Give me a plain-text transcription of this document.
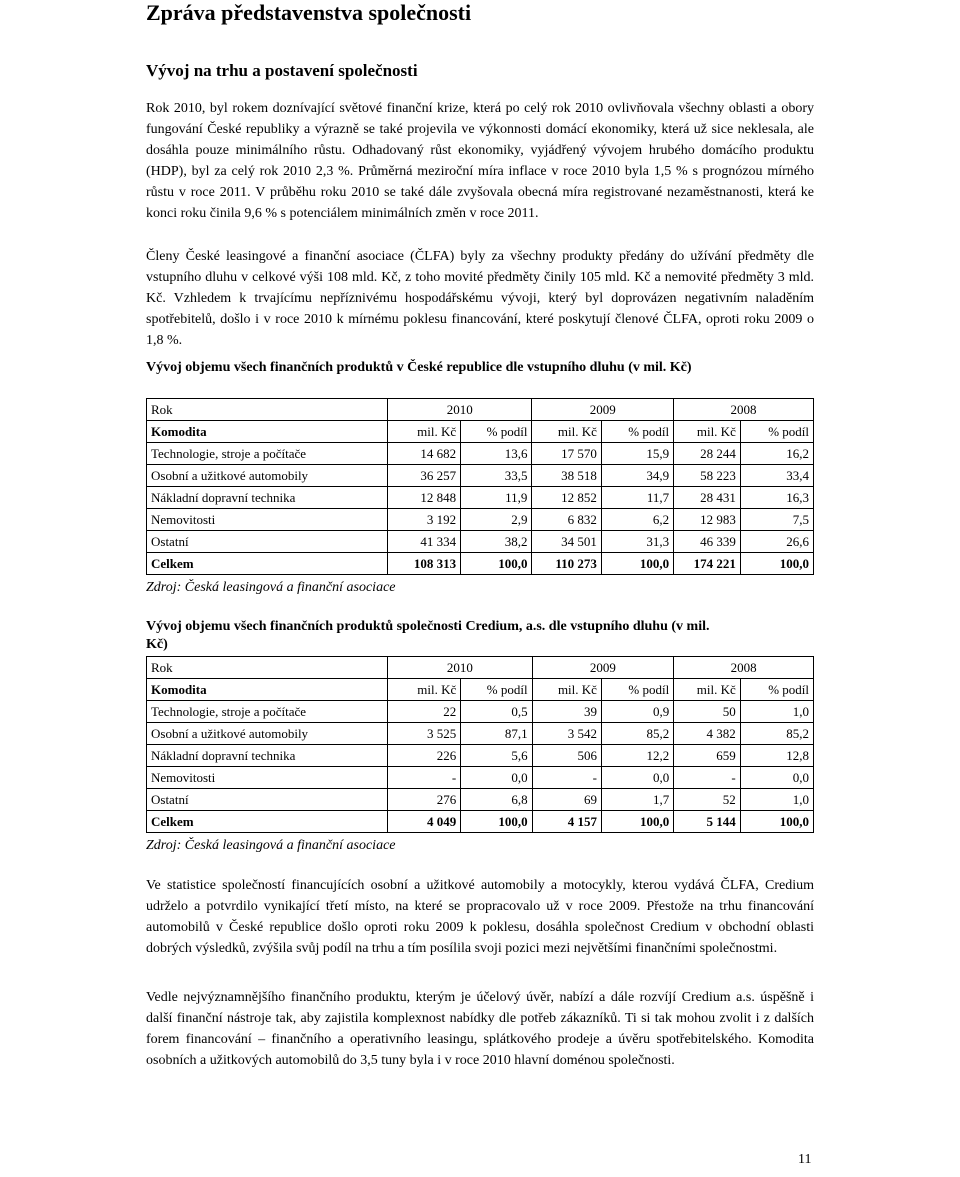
Zpráva představenstva společnosti
Vývoj na trhu a postavení společnosti

Rok 2010, byl rokem doznívající světové finanční krize, která po celý rok 2010 ovlivňovala všechny oblasti a obory fungování České republiky a výrazně se také projevila ve výkonnosti domácí ekonomiky, která už sice neklesala, ale dosáhla pouze minimálního růstu. Odhadovaný růst ekonomiky, vyjádřený vývojem hrubého domácího produktu (HDP), byl za celý rok 2010 2,3 %. Průměrná meziroční míra inflace v roce 2010 byla 1,5 % s prognózou mírného růstu v roce 2011. V průběhu roku 2010 se také dále zvyšovala obecná míra registrované nezaměstnanosti, která ke konci roku činila 9,6 % s potenciálem minimálních změn v roce 2011.

Členy České leasingové a finanční asociace (ČLFA) byly za všechny produkty předány do užívání předměty dle vstupního dluhu v celkové výši 108 mld. Kč, z toho movité předměty činily 105 mld. Kč a nemovité předměty 3 mld. Kč. Vzhledem k trvajícímu nepříznivému hospodářskému vývoji, který byl doprovázen negativním naladěním spotřebitelů, došlo i v roce 2010 k mírnému poklesu financování, které poskytují členové ČLFA, oproti roku 2009 o 1,8 %.

Vývoj objemu všech finančních produktů v České republice dle vstupního dluhu (v mil. Kč)
Rok	2010		2009		2008	
Komodita	mil. Kč	% podíl	mil. Kč	% podíl	mil. Kč	% podíl
Technologie, stroje a počítače	14 682	13,6	17 570	15,9	28 244	16,2
Osobní a užitkové automobily	36 257	33,5	38 518	34,9	58 223	33,4
Nákladní dopravní technika	12 848	11,9	12 852	11,7	28 431	16,3
Nemovitosti	3 192	2,9	6 832	6,2	12 983	7,5
Ostatní	41 334	38,2	34 501	31,3	46 339	26,6
Celkem	108 313	100,0	110 273	100,0	174 221	100,0
Zdroj: Česká leasingová a finanční asociace
Vývoj objemu všech finančních produktů společnosti Credium, a.s. dle vstupního dluhu (v mil. Kč)
Rok	2010		2009		2008	
Komodita	mil. Kč	% podíl	mil. Kč	% podíl	mil. Kč	% podíl
Technologie, stroje a počítače	22	0,5	39	0,9	50	1,0
Osobní a užitkové automobily	3 525	87,1	3 542	85,2	4 382	85,2
Nákladní dopravní technika	226	5,6	506	12,2	659	12,8
Nemovitosti	-	0,0	-	0,0	-	0,0
Ostatní	276	6,8	69	1,7	52	1,0
Celkem	4 049	100,0	4 157	100,0	5 144	100,0
Zdroj: Česká leasingová a finanční asociace

Ve statistice společností financujících osobní a užitkové automobily a motocykly, kterou vydává ČLFA, Credium udrželo a potvrdilo vynikající třetí místo, na které se propracovalo už v roce 2009. Přestože na trhu financování automobilů v České republice došlo oproti roku 2009 k poklesu, dosáhla společnost Credium v obchodní oblasti dobrých výsledků, zvýšila svůj podíl na trhu a tím posílila svoji pozici mezi největšími finančními společnostmi.

Vedle nejvýznamnějšího finančního produktu, kterým je účelový úvěr, nabízí a dále rozvíjí Credium a.s. úspěšně i další finanční nástroje tak, aby zajistila komplexnost nabídky dle potřeb zákazníků. Ti si tak mohou zvolit i z dalších forem financování – finančního a operativního leasingu, splátkového prodeje a úvěru spotřebitelského. Komodita osobních a užitkových automobilů do 3,5 tuny byla i v roce 2010 hlavní doménou společnosti.

11
